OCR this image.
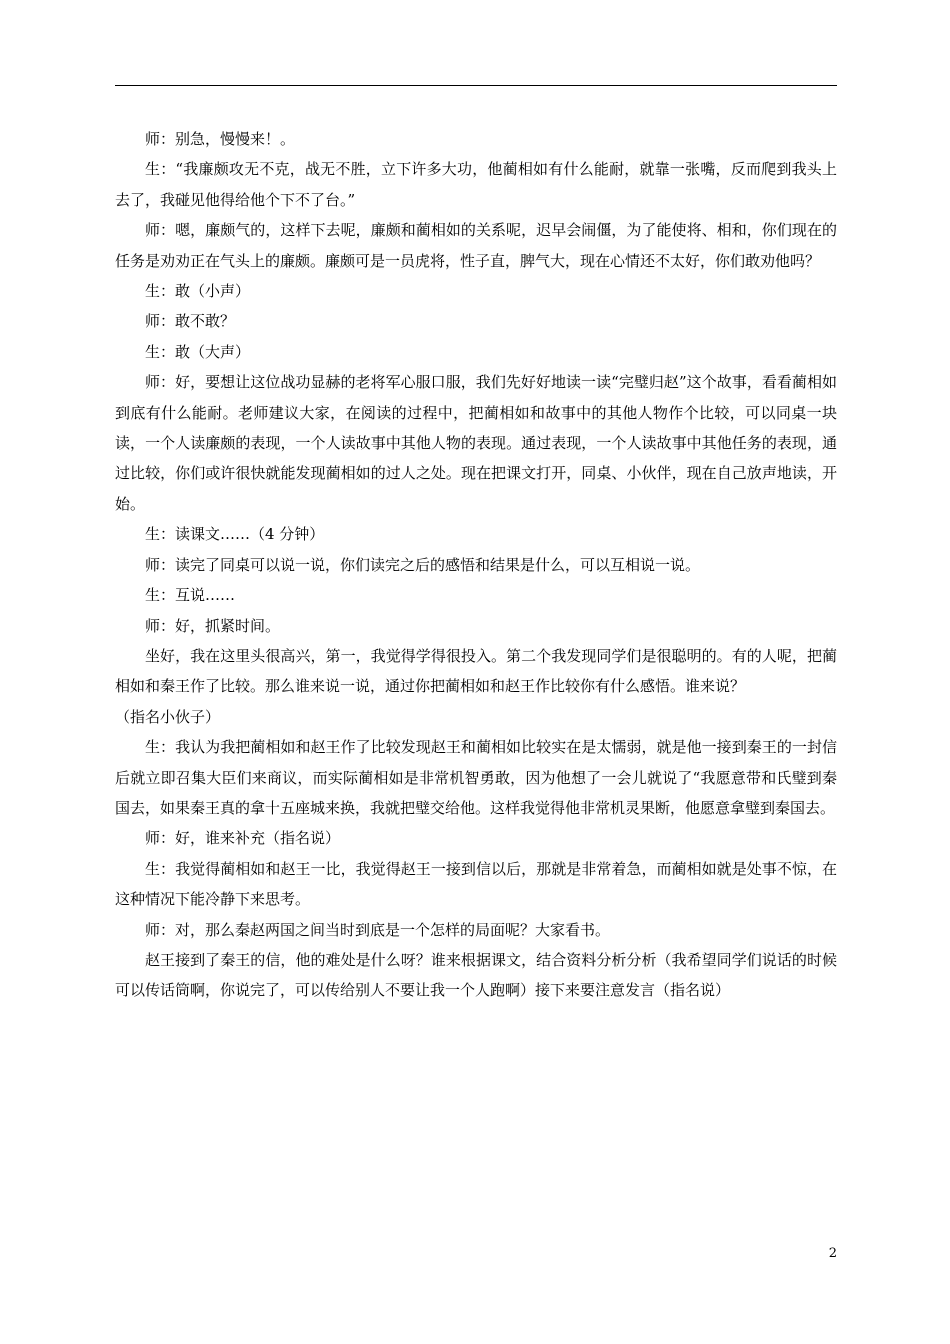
师：别急，慢慢来！。

生：“我廉颇攻无不克，战无不胜，立下许多大功，他蔺相如有什么能耐，就靠一张嘴，反而爬到我头上去了，我碰见他得给他个下不了台。”

师：嗯，廉颇气的，这样下去呢，廉颇和蔺相如的关系呢，迟早会闹僵，为了能使将、相和，你们现在的任务是劝劝正在气头上的廉颇。廉颇可是一员虎将，性子直，脾气大，现在心情还不太好，你们敢劝他吗？

生：敢（小声）

师：敢不敢？

生：敢（大声）

师：好，要想让这位战功显赫的老将军心服口服，我们先好好地读一读“完璧归赵”这个故事，看看蔺相如到底有什么能耐。老师建议大家，在阅读的过程中，把蔺相如和故事中的其他人物作个比较，可以同桌一块读，一个人读廉颇的表现，一个人读故事中其他人物的表现。通过表现，一个人读故事中其他任务的表现，通过比较，你们或许很快就能发现蔺相如的过人之处。现在把课文打开，同桌、小伙伴，现在自己放声地读，开始。

生：读课文……（4 分钟）

师：读完了同桌可以说一说，你们读完之后的感悟和结果是什么，可以互相说一说。

生：互说……

师：好，抓紧时间。

坐好，我在这里头很高兴，第一，我觉得学得很投入。第二个我发现同学们是很聪明的。有的人呢，把蔺相如和秦王作了比较。那么谁来说一说，通过你把蔺相如和赵王作比较你有什么感悟。谁来说？

（指名小伙子）

生：我认为我把蔺相如和赵王作了比较发现赵王和蔺相如比较实在是太懦弱，就是他一接到秦王的一封信后就立即召集大臣们来商议，而实际蔺相如是非常机智勇敢，因为他想了一会儿就说了“我愿意带和氏璧到秦国去，如果秦王真的拿十五座城来换，我就把璧交给他。这样我觉得他非常机灵果断，他愿意拿璧到秦国去。

师：好，谁来补充（指名说）

生：我觉得蔺相如和赵王一比，我觉得赵王一接到信以后，那就是非常着急，而蔺相如就是处事不惊，在这种情况下能冷静下来思考。

师：对，那么秦赵两国之间当时到底是一个怎样的局面呢？大家看书。

赵王接到了秦王的信，他的难处是什么呀？谁来根据课文，结合资料分析分析（我希望同学们说话的时候可以传话筒啊，你说完了，可以传给别人不要让我一个人跑啊）接下来要注意发言（指名说）

2
